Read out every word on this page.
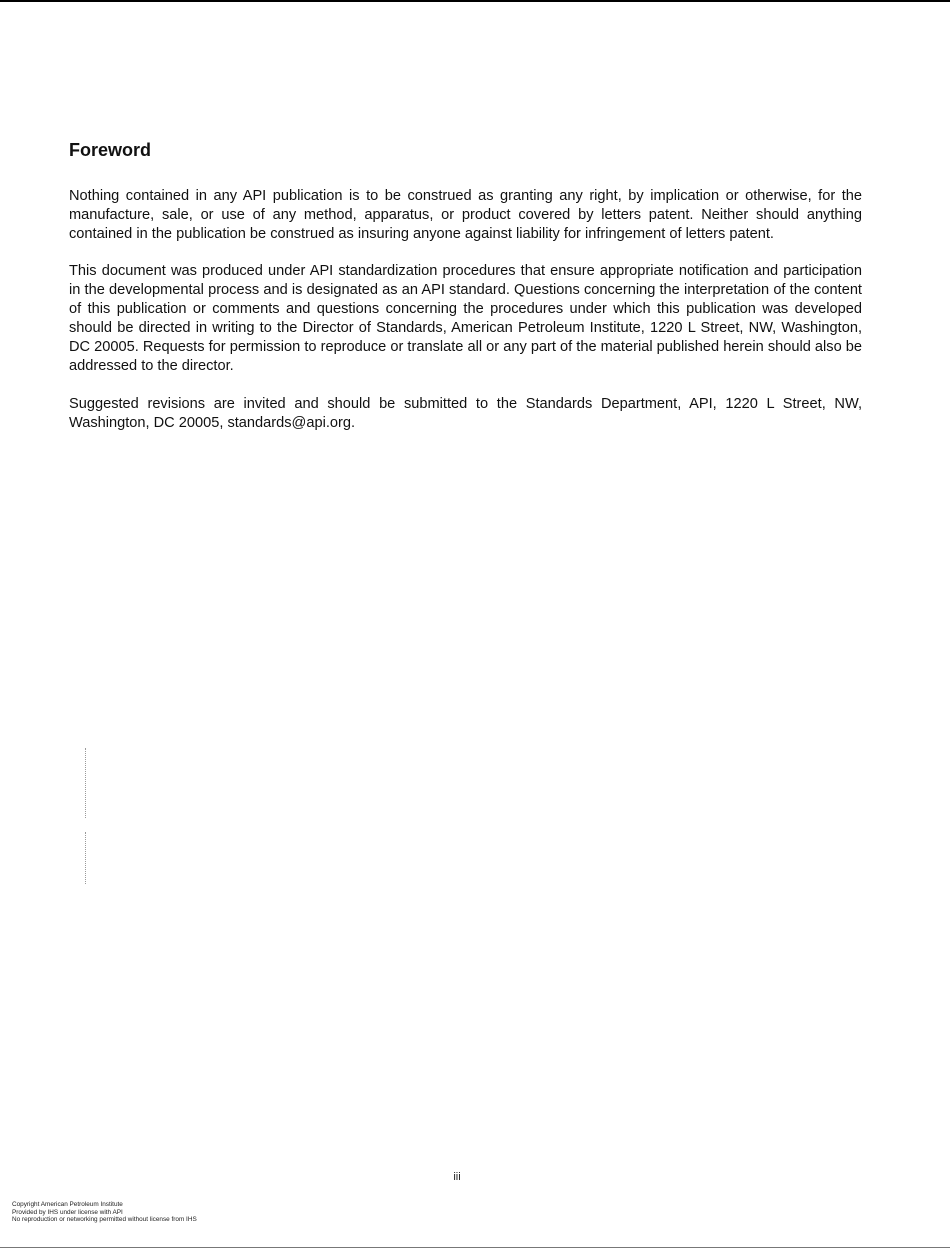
Foreword

Nothing contained in any API publication is to be construed as granting any right, by implication or otherwise, for the manufacture, sale, or use of any method, apparatus, or product covered by letters patent. Neither should anything contained in the publication be construed as insuring anyone against liability for infringement of letters patent.

This document was produced under API standardization procedures that ensure appropriate notification and participation in the developmental process and is designated as an API standard. Questions concerning the interpretation of the content of this publication or comments and questions concerning the procedures under which this publication was developed should be directed in writing to the Director of Standards, American Petroleum Institute, 1220 L Street, NW, Washington, DC 20005. Requests for permission to reproduce or translate all or any part of the material published herein should also be addressed to the director.

Suggested revisions are invited and should be submitted to the Standards Department, API, 1220 L Street, NW, Washington, DC 20005, standards@api.org.

iii
Copyright American Petroleum Institute
Provided by IHS under license with API
No reproduction or networking permitted without license from IHS
